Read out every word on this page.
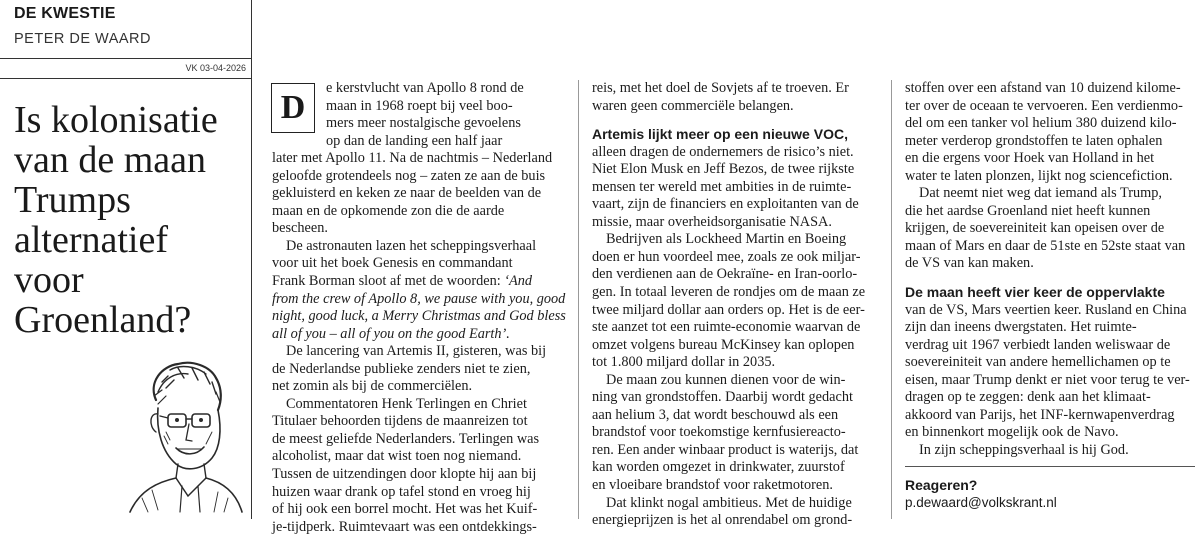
DE KWESTIE
PETER DE WAARD
VK 03-04-2026
Is kolonisatie
van de maan
Trumps
alternatief
voor
Groenland?
D
e kerstvlucht van Apollo 8 rond de
maan in 1968 roept bij veel boo-
mers meer nostalgische gevoelens
op dan de landing een half jaar
later met Apollo 11. Na de nachtmis – Nederland
geloofde grotendeels nog – zaten ze aan de buis
gekluisterd en keken ze naar de beelden van de
maan en de opkomende zon die de aarde
bescheen.
De astronauten lazen het scheppingsverhaal
voor uit het boek Genesis en commandant
Frank Borman sloot af met de woorden: ‘And
from the crew of Apollo 8, we pause with you, good
night, good luck, a Merry Christmas and God bless
all of you – all of you on the good Earth’.
De lancering van Artemis II, gisteren, was bij
de Nederlandse publieke zenders niet te zien,
net zomin als bij de commerciëlen.
Commentatoren Henk Terlingen en Chriet
Titulaer behoorden tijdens de maanreizen tot
de meest geliefde Nederlanders. Terlingen was
alcoholist, maar dat wist toen nog niemand.
Tussen de uitzendingen door klopte hij aan bij
huizen waar drank op tafel stond en vroeg hij
of hij ook een borrel mocht. Het was het Kuif-
je-tijdperk. Ruimtevaart was een ontdekkings-
reis, met het doel de Sovjets af te troeven. Er
waren geen commerciële belangen.
Artemis lijkt meer op een nieuwe VOC,
alleen dragen de ondernemers de risico’s niet.
Niet Elon Musk en Jeff Bezos, de twee rijkste
mensen ter wereld met ambities in de ruimte-
vaart, zijn de financiers en exploitanten van de
missie, maar overheidsorganisatie NASA.
Bedrijven als Lockheed Martin en Boeing
doen er hun voordeel mee, zoals ze ook miljar-
den verdienen aan de Oekraïne- en Iran-oorlo-
gen. In totaal leveren de rondjes om de maan ze
twee miljard dollar aan orders op. Het is de eer-
ste aanzet tot een ruimte-economie waarvan de
omzet volgens bureau McKinsey kan oplopen
tot 1.800 miljard dollar in 2035.
De maan zou kunnen dienen voor de win-
ning van grondstoffen. Daarbij wordt gedacht
aan helium 3, dat wordt beschouwd als een
brandstof voor toekomstige kernfusiereacto-
ren. Een ander winbaar product is waterijs, dat
kan worden omgezet in drinkwater, zuurstof
en vloeibare brandstof voor raketmotoren.
Dat klinkt nogal ambitieus. Met de huidige
energieprijzen is het al onrendabel om grond-
stoffen over een afstand van 10 duizend kilome-
ter over de oceaan te vervoeren. Een verdienmo-
del om een tanker vol helium 380 duizend kilo-
meter verderop grondstoffen te laten ophalen
en die ergens voor Hoek van Holland in het
water te laten plonzen, lijkt nog sciencefiction.
Dat neemt niet weg dat iemand als Trump,
die het aardse Groenland niet heeft kunnen
krijgen, de soevereiniteit kan opeisen over de
maan of Mars en daar de 51ste en 52ste staat van
de VS van kan maken.
De maan heeft vier keer de oppervlakte
van de VS, Mars veertien keer. Rusland en China
zijn dan ineens dwergstaten. Het ruimte-
verdrag uit 1967 verbiedt landen weliswaar de
soevereiniteit van andere hemellichamen op te
eisen, maar Trump denkt er niet voor terug te ver-
dragen op te zeggen: denk aan het klimaat-
akkoord van Parijs, het INF-kernwapenverdrag
en binnenkort mogelijk ook de Navo.
In zijn scheppingsverhaal is hij God.
Reageren?
p.dewaard@volkskrant.nl
